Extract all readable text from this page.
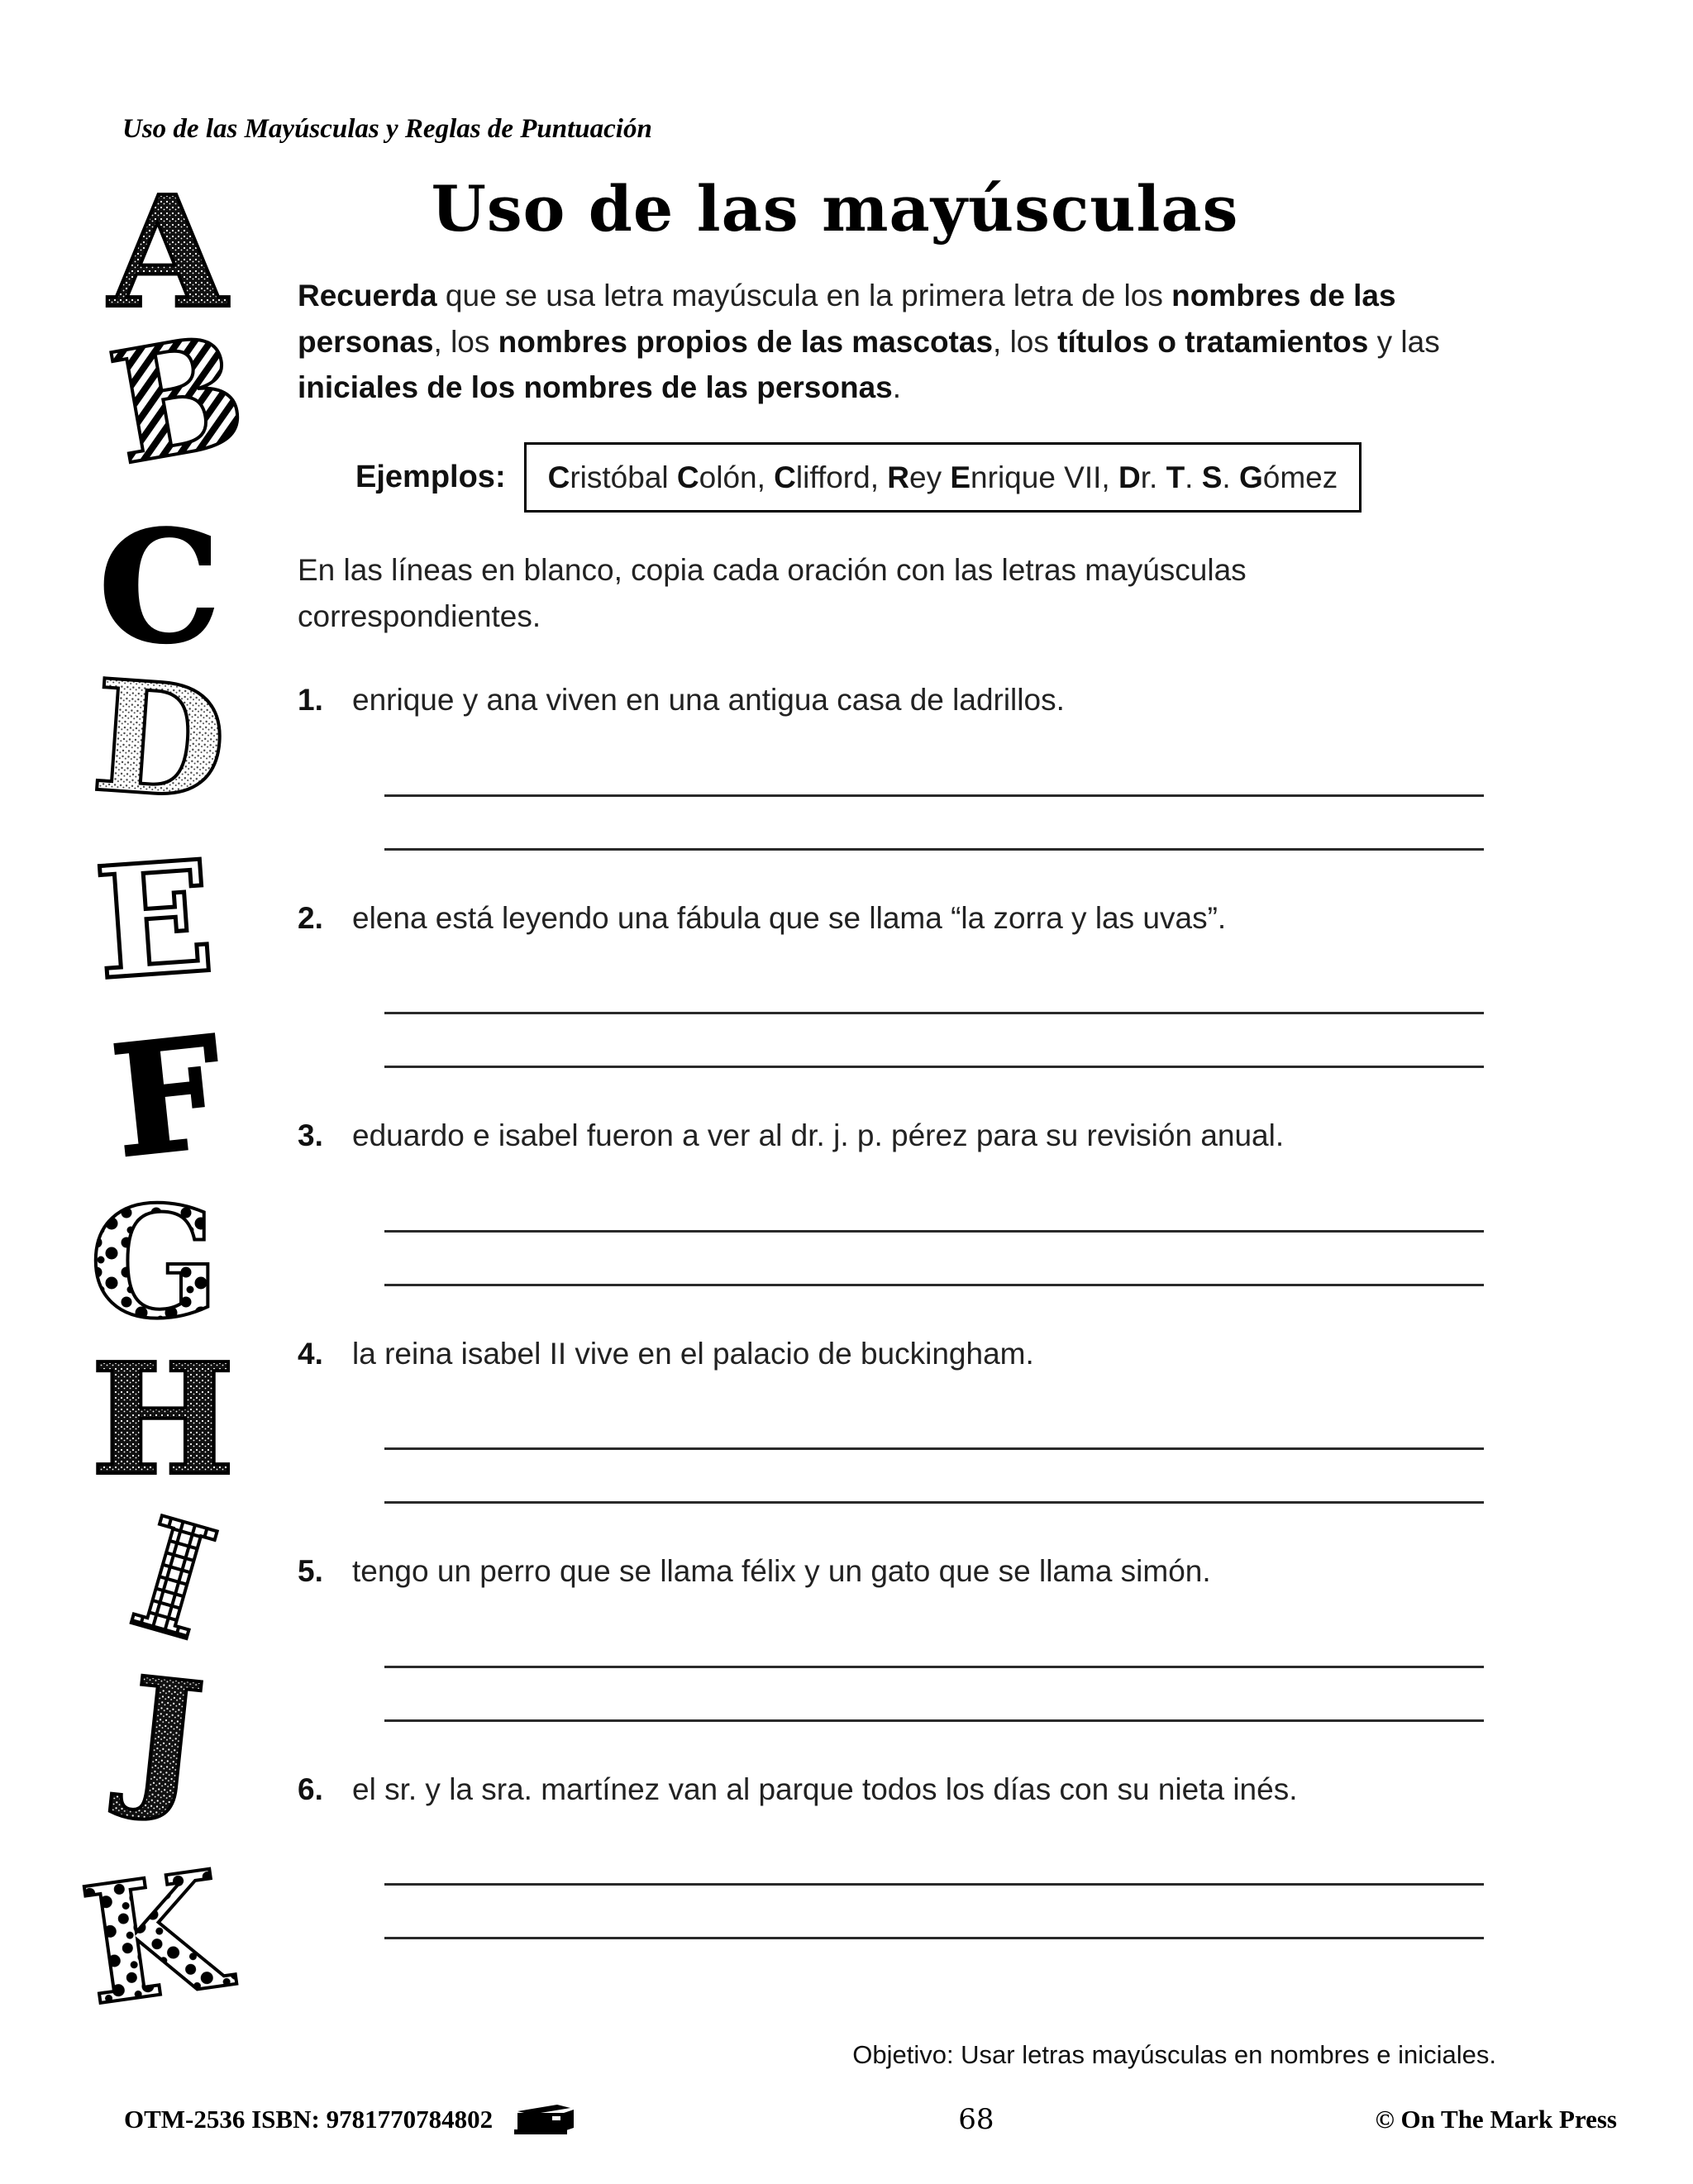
A
B
C
D
E
F
G
H
I
J
K
Uso de las Mayúsculas y Reglas de Puntuación
Uso de las mayúsculas

Recuerda que se usa letra mayúscula en la primera letra de los nombres de las personas, los nombres propios de las mascotas, los títulos o tratamientos y las iniciales de los nombres de las personas.

Ejemplos:	Cristóbal Colón, Clifford, Rey Enrique VII, Dr. T. S. Gómez

En las líneas en blanco, copia cada oración con las letras mayúsculas correspondientes.

1. enrique y ana viven en una antigua casa de ladrillos.
2. elena está leyendo una fábula que se llama “la zorra y las uvas”.
3. eduardo e isabel fueron a ver al dr. j. p. pérez para su revisión anual.
4. la reina isabel II vive en el palacio de buckingham.
5. tengo un perro que se llama félix y un gato que se llama simón.
6. el sr. y la sra. martínez van al parque todos los días con su nieta inés.
Objetivo: Usar letras mayúsculas en nombres e iniciales.
OTM-2536 ISBN: 9781770784802	68	© On The Mark Press
